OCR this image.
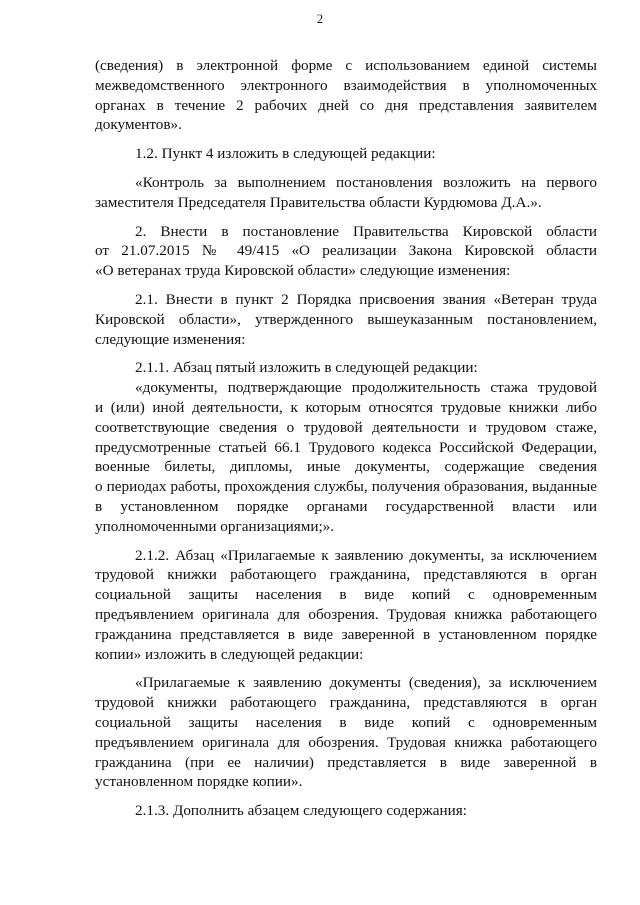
2
(сведения) в электронной форме с использованием единой системы
межведомственного электронного взаимодействия в уполномоченных
органах в течение 2 рабочих дней со дня представления заявителем
документов».
1.2. Пункт 4 изложить в следующей редакции:
«Контроль за выполнением постановления возложить на первого
заместителя Председателя Правительства области Курдюмова Д.А.».
2. Внести в постановление Правительства Кировской области
от 21.07.2015 № 49/415 «О реализации Закона Кировской области
«О ветеранах труда Кировской области» следующие изменения:
2.1. Внести в пункт 2 Порядка присвоения звания «Ветеран труда
Кировской области», утвержденного вышеуказанным постановлением,
следующие изменения:
2.1.1. Абзац пятый изложить в следующей редакции:
«документы, подтверждающие продолжительность стажа трудовой
и (или) иной деятельности, к которым относятся трудовые книжки либо
соответствующие сведения о трудовой деятельности и трудовом стаже,
предусмотренные статьей 66.1 Трудового кодекса Российской Федерации,
военные билеты, дипломы, иные документы, содержащие сведения
о периодах работы, прохождения службы, получения образования, выданные
в установленном порядке органами государственной власти или
уполномоченными организациями;».
2.1.2. Абзац «Прилагаемые к заявлению документы, за исключением
трудовой книжки работающего гражданина, представляются в орган
социальной защиты населения в виде копий с одновременным
предъявлением оригинала для обозрения. Трудовая книжка работающего
гражданина представляется в виде заверенной в установленном порядке
копии» изложить в следующей редакции:
«Прилагаемые к заявлению документы (сведения), за исключением
трудовой книжки работающего гражданина, представляются в орган
социальной защиты населения в виде копий с одновременным
предъявлением оригинала для обозрения. Трудовая книжка работающего
гражданина (при ее наличии) представляется в виде заверенной в
установленном порядке копии».
2.1.3. Дополнить абзацем следующего содержания:
